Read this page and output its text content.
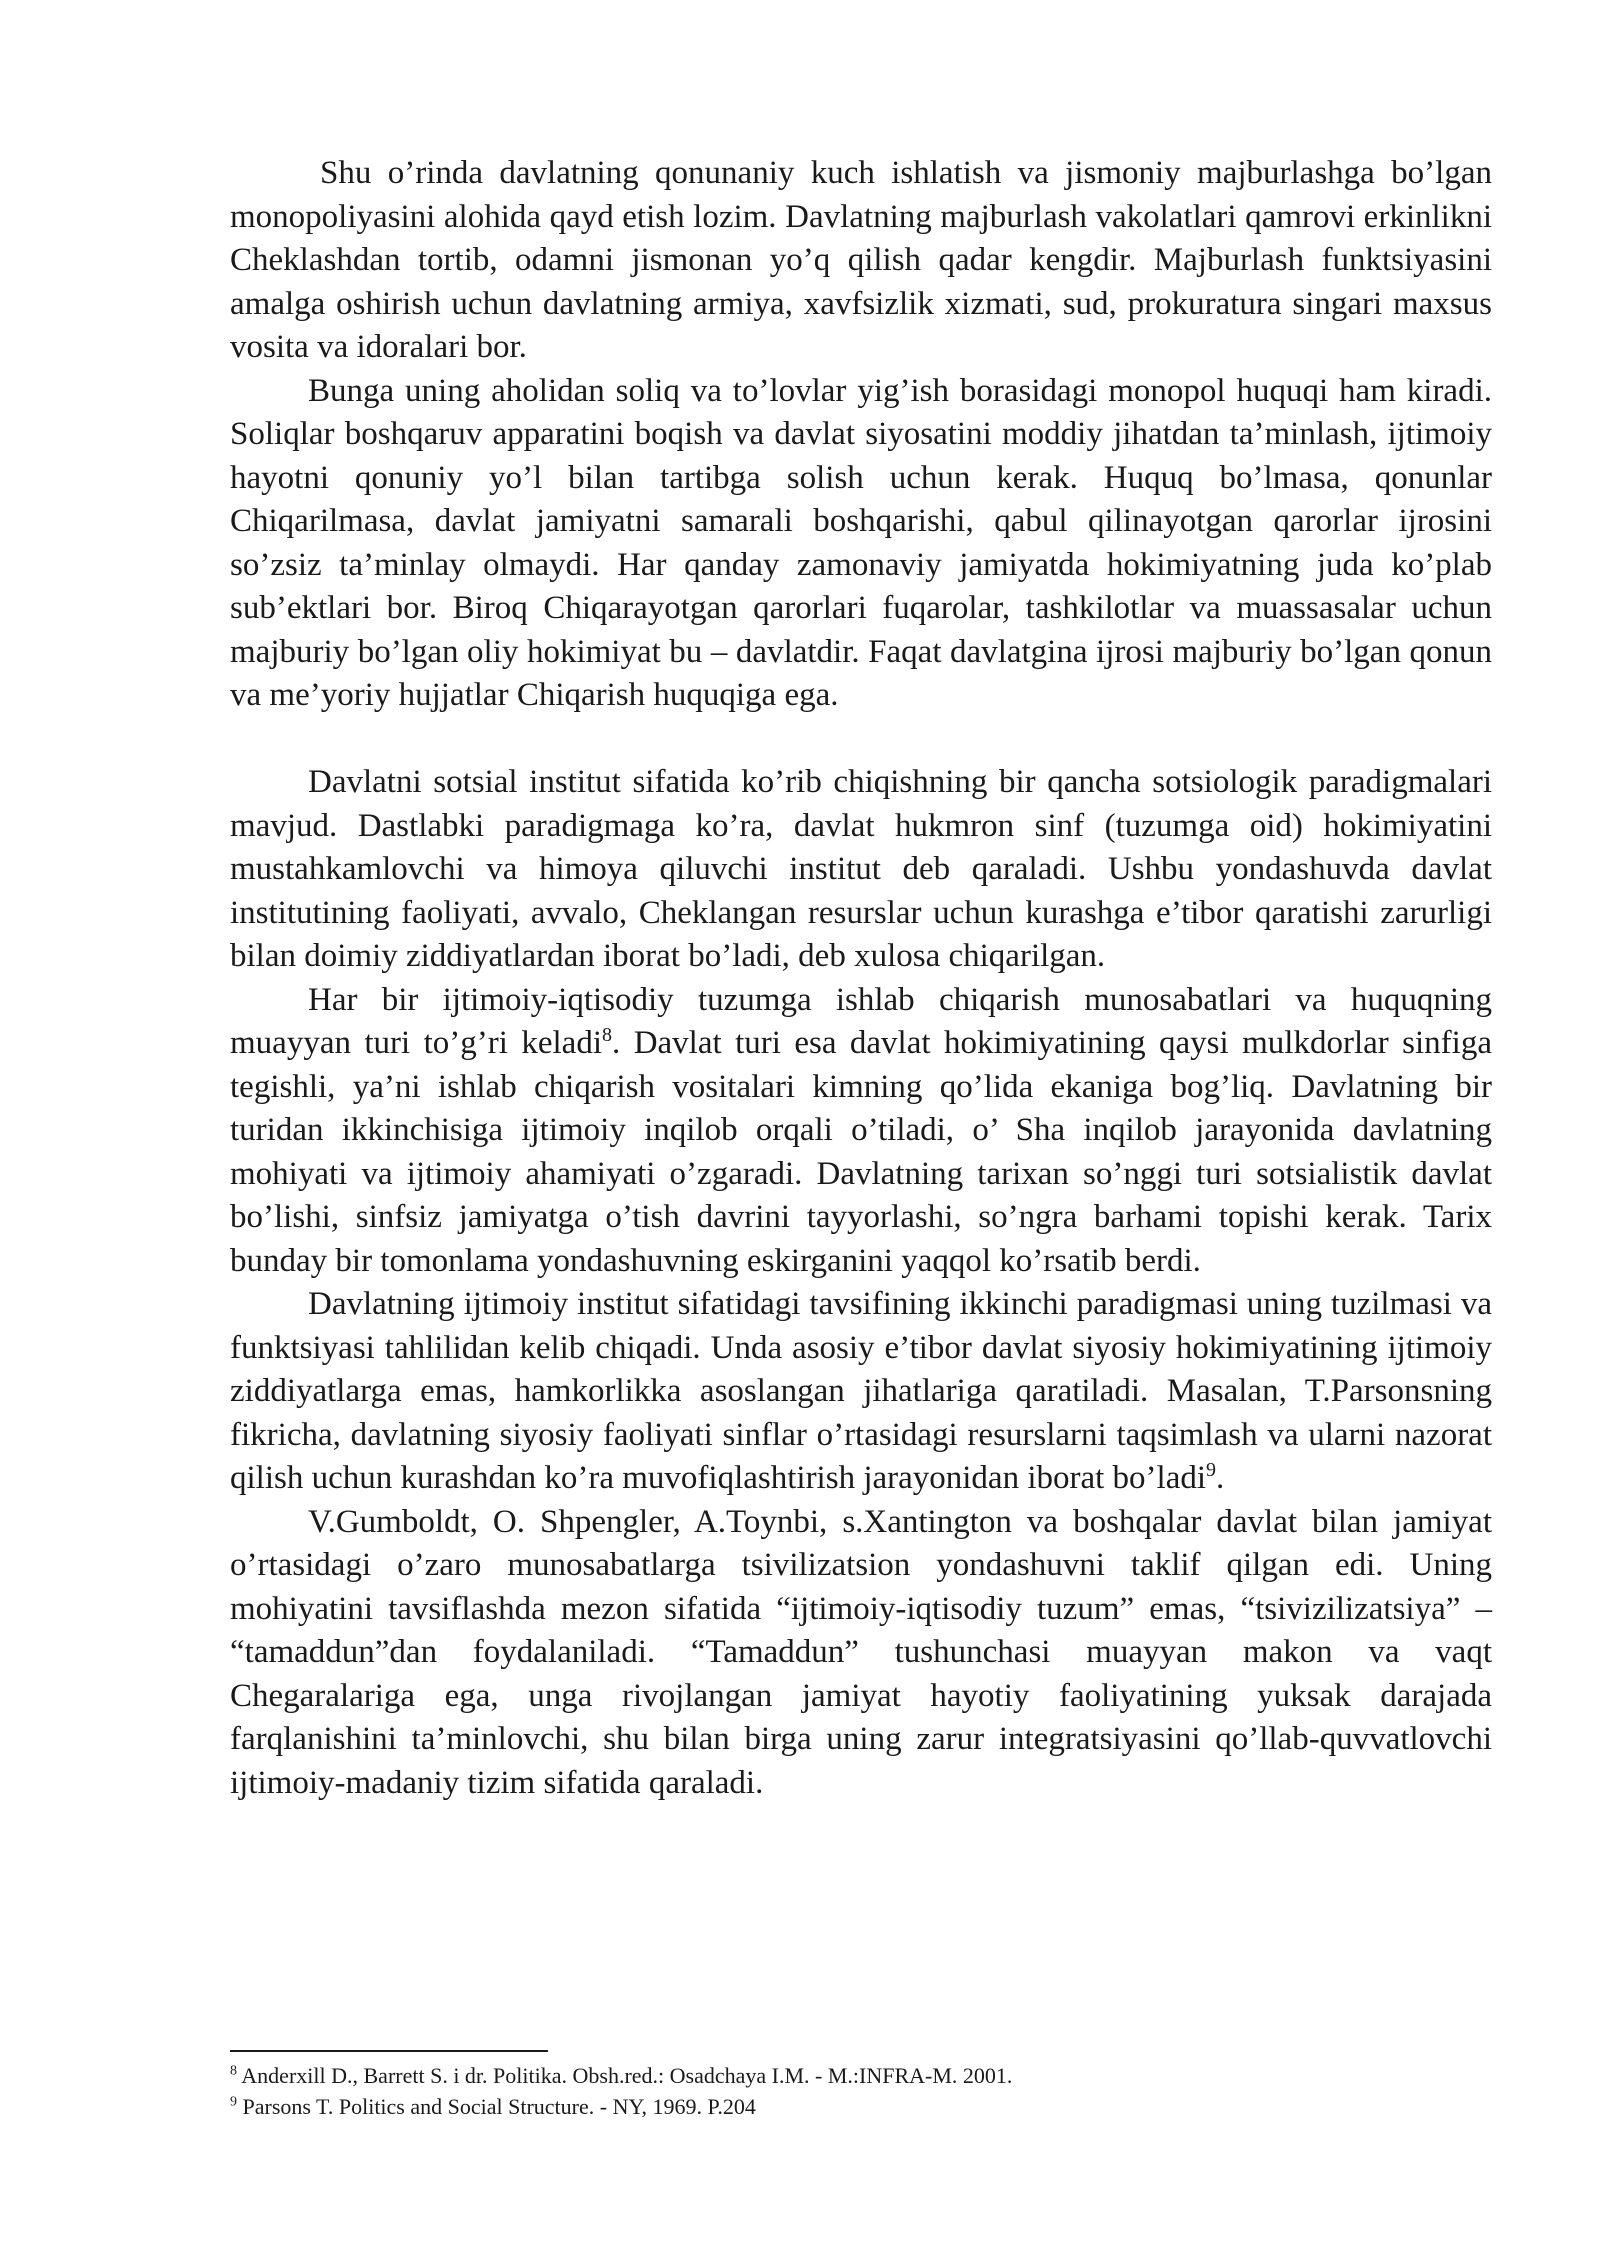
Shu o’rinda davlatning qonunaniy kuch ishlatish va jismoniy majburlashga bo’lgan monopoliyasini alohida qayd etish lozim. Davlatning majburlash vakolatlari qamrovi erkinlikni Cheklashdan tortib, odamni jismonan yo’q qilish qadar kengdir. Majburlash funktsiyasini amalga oshirish uchun davlatning armiya, xavfsizlik xizmati, sud, prokuratura singari maxsus vosita va idoralari bor.

Bunga uning aholidan soliq va to’lovlar yig’ish borasidagi monopol huquqi ham kiradi. Soliqlar boshqaruv apparatini boqish va davlat siyosatini moddiy jihatdan ta’minlash, ijtimoiy hayotni qonuniy yo’l bilan tartibga solish uchun kerak. Huquq bo’lmasa, qonunlar Chiqarilmasa, davlat jamiyatni samarali boshqarishi, qabul qilinayotgan qarorlar ijrosini so’zsiz ta’minlay olmaydi. Har qanday zamonaviy jamiyatda hokimiyatning juda ko’plab sub’ektlari bor. Biroq Chiqarayotgan qarorlari fuqarolar, tashkilotlar va muassasalar uchun majburiy bo’lgan oliy hokimiyat bu – davlatdir. Faqat davlatgina ijrosi majburiy bo’lgan qonun va me’yoriy hujjatlar Chiqarish huquqiga ega.

Davlatni sotsial institut sifatida ko’rib chiqishning bir qancha sotsiologik paradigmalari mavjud. Dastlabki paradigmaga ko’ra, davlat hukmron sinf (tuzumga oid) hokimiyatini mustahkamlovchi va himoya qiluvchi institut deb qaraladi. Ushbu yondashuvda davlat institutining faoliyati, avvalo, Cheklangan resurslar uchun kurashga e’tibor qaratishi zarurligi bilan doimiy ziddiyatlardan iborat bo’ladi, deb xulosa chiqarilgan.

Har bir ijtimoiy-iqtisodiy tuzumga ishlab chiqarish munosabatlari va huquqning muayyan turi to’g’ri keladi$^8$. Davlat turi esa davlat hokimiyatining qaysi mulkdorlar sinfiga tegishli, ya’ni ishlab chiqarish vositalari kimning qo’lida ekaniga bog’liq. Davlatning bir turidan ikkinchisiga ijtimoiy inqilob orqali o’tiladi, o’ Sha inqilob jarayonida davlatning mohiyati va ijtimoiy ahamiyati o’zgaradi. Davlatning tarixan so’nggi turi sotsialistik davlat bo’lishi, sinfsiz jamiyatga o’tish davrini tayyorlashi, so’ngra barhami topishi kerak. Tarix bunday bir tomonlama yondashuvning eskirganini yaqqol ko’rsatib berdi.

Davlatning ijtimoiy institut sifatidagi tavsifining ikkinchi paradigmasi uning tuzilmasi va funktsiyasi tahlilidan kelib chiqadi. Unda asosiy e’tibor davlat siyosiy hokimiyatining ijtimoiy ziddiyatlarga emas, hamkorlikka asoslangan jihatlariga qaratiladi. Masalan, T.Parsonsning fikricha, davlatning siyosiy faoliyati sinflar o’rtasidagi resurslarni taqsimlash va ularni nazorat qilish uchun kurashdan ko’ra muvofiqlashtirish jarayonidan iborat bo’ladi$^9$.

V.Gumboldt, O. Shpengler, A.Toynbi, s.Xantington va boshqalar davlat bilan jamiyat o’rtasidagi o’zaro munosabatlarga tsivilizatsion yondashuvni taklif qilgan edi. Uning mohiyatini tavsiflashda mezon sifatida “ijtimoiy-iqtisodiy tuzum” emas, “tsivizilizatsiya” – “tamaddun”dan foydalaniladi. “Tamaddun” tushunchasi muayyan makon va vaqt Chegaralariga ega, unga rivojlangan jamiyat hayotiy faoliyatining yuksak darajada farqlanishini ta’minlovchi, shu bilan birga uning zarur integratsiyasini qo’llab-quvvatlovchi ijtimoiy-madaniy tizim sifatida qaraladi.

$^8$ Anderxill D., Barrett S. i dr. Politika. Obsh.red.: Osadchaya I.M. - M.:INFRA-M. 2001.

$^9$ Parsons T. Politics and Social Structure. - NY, 1969. P.204
